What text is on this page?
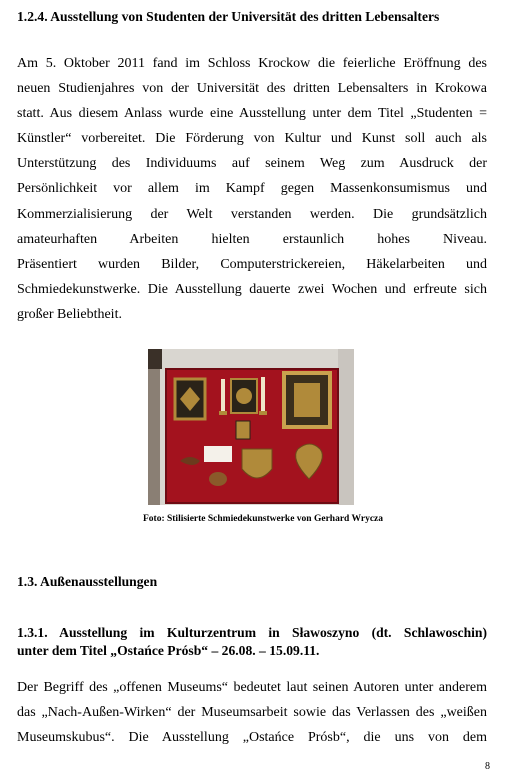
1.2.4. Ausstellung von Studenten der Universität des dritten Lebensalters
Am 5. Oktober 2011 fand im Schloss Krockow die feierliche Eröffnung des
neuen Studienjahres von der Universität des dritten Lebensalters in Krokowa
statt. Aus diesem Anlass wurde eine Ausstellung unter dem Titel „Studenten =
Künstler“ vorbereitet. Die Förderung von Kultur und Kunst soll auch als
Unterstützung des Individuums auf seinem Weg zum Ausdruck der
Persönlichkeit vor allem im Kampf gegen Massenkonsumismus und
Kommerzialisierung der Welt verstanden werden. Die grundsätzlich
amateurhaften Arbeiten hielten erstaunlich hohes Niveau.
Präsentiert wurden Bilder, Computerstrickereien, Häkelarbeiten und
Schmiedekunstwerke. Die Ausstellung dauerte zwei Wochen und erfreute sich
großer Beliebtheit.

Foto: Stilisierte Schmiedekunstwerke von Gerhard Wrycza

1.3. Außenausstellungen
1.3.1. Ausstellung im Kulturzentrum in Sławoszyno (dt. Schlawoschin)
unter dem Titel „Ostańce Prósb“ – 26.08. – 15.09.11.
Der Begriff des „offenen Museums“ bedeutet laut seinen Autoren unter anderem
das „Nach-Außen-Wirken“ der Museumsarbeit sowie das Verlassen des „weißen
Museumskubus“. Die Ausstellung „Ostańce Prósb“, die uns von dem

8
